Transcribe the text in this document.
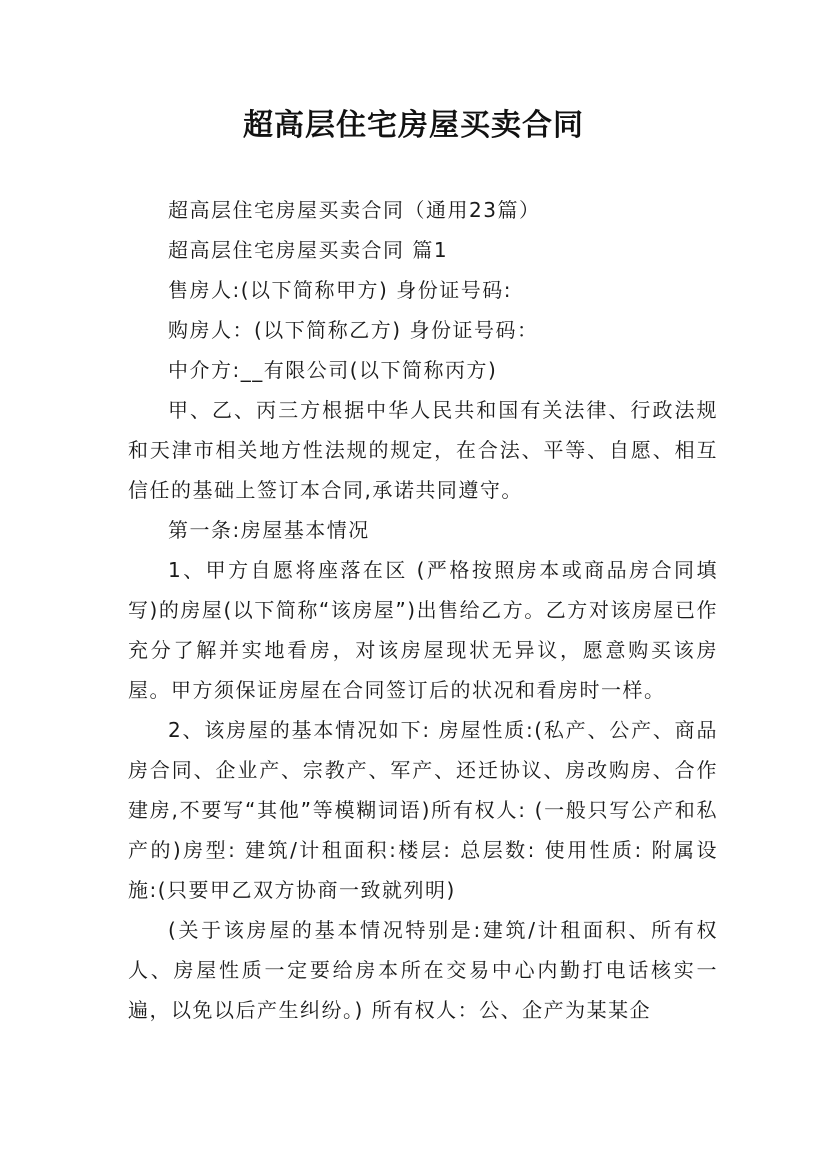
超高层住宅房屋买卖合同

超高层住宅房屋买卖合同（通用23篇）

超高层住宅房屋买卖合同 篇1

售房人:(以下简称甲方) 身份证号码:

购房人：(以下简称乙方) 身份证号码：

中介方:__有限公司(以下简称丙方)

甲、乙、丙三方根据中华人民共和国有关法律、行政法规和天津市相关地方性法规的规定，在合法、平等、自愿、相互信任的基础上签订本合同,承诺共同遵守。

第一条:房屋基本情况

1、甲方自愿将座落在区 (严格按照房本或商品房合同填写)的房屋(以下简称“该房屋”)出售给乙方。乙方对该房屋已作充分了解并实地看房，对该房屋现状无异议，愿意购买该房屋。甲方须保证房屋在合同签订后的状况和看房时一样。

2、该房屋的基本情况如下: 房屋性质:(私产、公产、商品房合同、企业产、宗教产、军产、还迁协议、房改购房、合作建房,不要写“其他”等模糊词语)所有权人: (一般只写公产和私产的)房型: 建筑/计租面积:楼层: 总层数: 使用性质: 附属设施:(只要甲乙双方协商一致就列明)

(关于该房屋的基本情况特别是:建筑/计租面积、所有权人、房屋性质一定要给房本所在交易中心内勤打电话核实一遍，以免以后产生纠纷。) 所有权人：公、企产为某某企
